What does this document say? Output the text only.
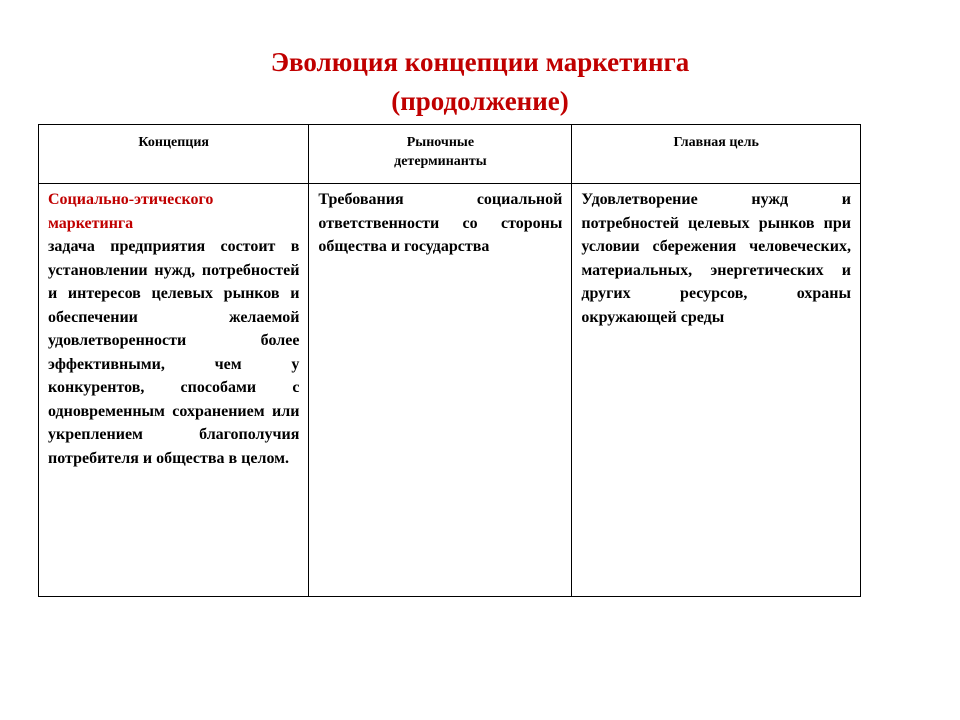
Эволюция концепции маркетинга
(продолжение)
Концепция	Рыночные детерминанты	Главная цель

Социально-этического маркетинга
задача предприятия состоит в установлении нужд, потребностей и интересов целевых рынков и обеспечении желаемой удовлетворенности более эффективными, чем у конкурентов, способами с одновременным сохранением или укреплением благополучия потребителя и общества в целом.	Требования социальной ответственности со стороны общества и государства	Удовлетворение нужд и потребностей целевых рынков при условии сбережения человеческих, материальных, энергетических и других ресурсов, охраны окружающей среды
